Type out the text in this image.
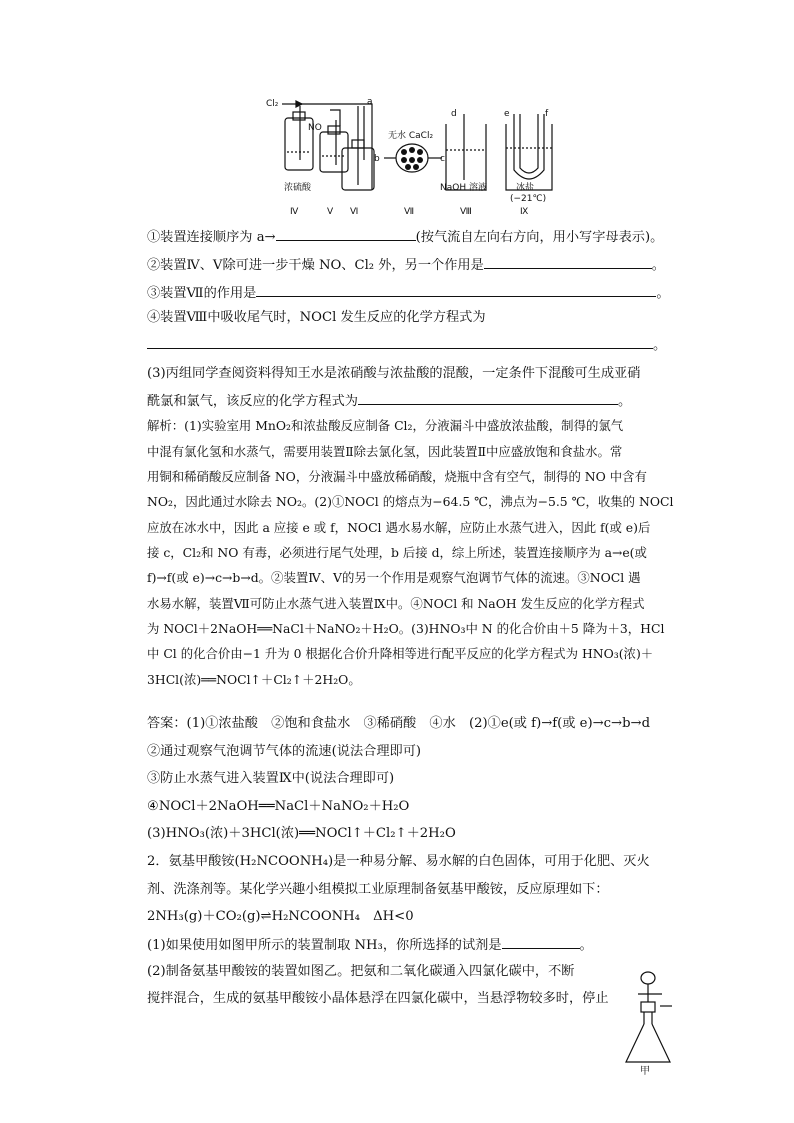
Cl₂
NO
a
无水 CaCl₂
b	c
d	e	f
浓硫酸	NaOH 溶液	冰盐
(−21℃)
Ⅳ	Ⅴ Ⅵ	Ⅶ	Ⅷ	Ⅸ
①装置连接顺序为 a→	(按气流自左向右方向，用小写字母表示)。
②装置Ⅳ、Ⅴ除可进一步干燥 NO、Cl₂ 外，另一个作用是	。
③装置Ⅶ的作用是	。
④装置Ⅷ中吸收尾气时，NOCl 发生反应的化学方程式为
。
(3)丙组同学查阅资料得知王水是浓硝酸与浓盐酸的混酸，一定条件下混酸可生成亚硝
酰氯和氯气，该反应的化学方程式为	。
解析：(1)实验室用 MnO₂和浓盐酸反应制备 Cl₂，分液漏斗中盛放浓盐酸，制得的氯气
中混有氯化氢和水蒸气，需要用装置Ⅱ除去氯化氢，因此装置Ⅱ中应盛放饱和食盐水。常
用铜和稀硝酸反应制备 NO，分液漏斗中盛放稀硝酸，烧瓶中含有空气，制得的 NO 中含有
NO₂，因此通过水除去 NO₂。(2)①NOCl 的熔点为−64.5 ℃，沸点为−5.5 ℃，收集的 NOCl
应放在冰水中，因此 a 应接 e 或 f，NOCl 遇水易水解，应防止水蒸气进入，因此 f(或 e)后
接 c，Cl₂和 NO 有毒，必须进行尾气处理，b 后接 d，综上所述，装置连接顺序为 a→e(或
f)→f(或 e)→c→b→d。②装置Ⅳ、Ⅴ的另一个作用是观察气泡调节气体的流速。③NOCl 遇
水易水解，装置Ⅶ可防止水蒸气进入装置Ⅸ中。④NOCl 和 NaOH 发生反应的化学方程式
为 NOCl＋2NaOH══NaCl＋NaNO₂＋H₂O。(3)HNO₃中 N 的化合价由＋5 降为＋3，HCl
中 Cl 的化合价由−1 升为 0 根据化合价升降相等进行配平反应的化学方程式为 HNO₃(浓)＋
3HCl(浓)══NOCl↑＋Cl₂↑＋2H₂O。
答案：(1)①浓盐酸　②饱和食盐水　③稀硝酸　④水　(2)①e(或 f)→f(或 e)→c→b→d
②通过观察气泡调节气体的流速(说法合理即可)
③防止水蒸气进入装置Ⅸ中(说法合理即可)
④NOCl＋2NaOH══NaCl＋NaNO₂＋H₂O
(3)HNO₃(浓)＋3HCl(浓)══NOCl↑＋Cl₂↑＋2H₂O
2．氨基甲酸铵(H₂NCOONH₄)是一种易分解、易水解的白色固体，可用于化肥、灭火
剂、洗涤剂等。某化学兴趣小组模拟工业原理制备氨基甲酸铵，反应原理如下：
2NH₃(g)＋CO₂(g)⇌H₂NCOONH₄　ΔH<0
(1)如果使用如图甲所示的装置制取 NH₃，你所选择的试剂是	。
(2)制备氨基甲酸铵的装置如图乙。把氨和二氧化碳通入四氯化碳中，不断
搅拌混合，生成的氨基甲酸铵小晶体悬浮在四氯化碳中，当悬浮物较多时，停止
甲
